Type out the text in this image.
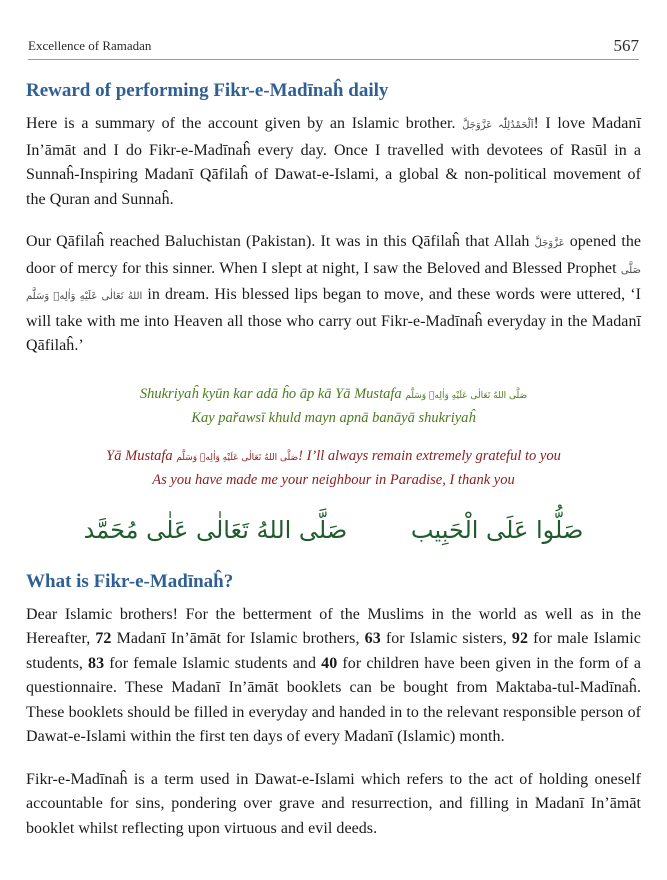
Excellence of Ramadan	567
Reward of performing Fikr-e-Madīnaĥ daily

Here is a summary of the account given by an Islamic brother. اَلْحَمْدُلِلّٰہ عَزَّوَجَلَّ! I love Madanī In’āmāt and I do Fikr-e-Madīnaĥ every day. Once I travelled with devotees of Rasūl in a Sunnaĥ-Inspiring Madanī Qāfilaĥ of Dawat-e-Islami, a global & non-political movement of the Quran and Sunnaĥ.

Our Qāfilaĥ reached Baluchistan (Pakistan). It was in this Qāfilaĥ that Allah عَزَّوَجَلَّ opened the door of mercy for this sinner. When I slept at night, I saw the Beloved and Blessed Prophet صَلَّى اللهُ تَعَالٰى عَلَيْهِ وَاٰلِهٖ وَسَلَّم in dream. His blessed lips began to move, and these words were uttered, ‘I will take with me into Heaven all those who carry out Fikr-e-Madīnaĥ everyday in the Madanī Qāfilaĥ.’

Shukriyaĥ kyūn kar adā ĥo āp kā Yā Mustafa صَلَّى اللهُ تَعَالٰى عَلَيْهِ وَاٰلِهٖ وَسَلَّم
Kay pařawsī khuld mayn apnā banāyā shukriyaĥ
Yā Mustafa صَلَّى اللهُ تَعَالٰى عَلَيْهِ وَاٰلِهٖ وَسَلَّم! I’ll always remain extremely grateful to you
As you have made me your neighbour in Paradise, I thank you
صَلُّوا عَلَى الْحَبِيب صَلَّى اللهُ تَعَالٰى عَلٰى مُحَمَّد
What is Fikr-e-Madīnaĥ?

Dear Islamic brothers! For the betterment of the Muslims in the world as well as in the Hereafter, 72 Madanī In’āmāt for Islamic brothers, 63 for Islamic sisters, 92 for male Islamic students, 83 for female Islamic students and 40 for children have been given in the form of a questionnaire. These Madanī In’āmāt booklets can be bought from Maktaba-tul-Madīnaĥ. These booklets should be filled in everyday and handed in to the relevant responsible person of Dawat-e-Islami within the first ten days of every Madanī (Islamic) month.

Fikr-e-Madīnaĥ is a term used in Dawat-e-Islami which refers to the act of holding oneself accountable for sins, pondering over grave and resurrection, and filling in Madanī In’āmāt booklet whilst reflecting upon virtuous and evil deeds.
